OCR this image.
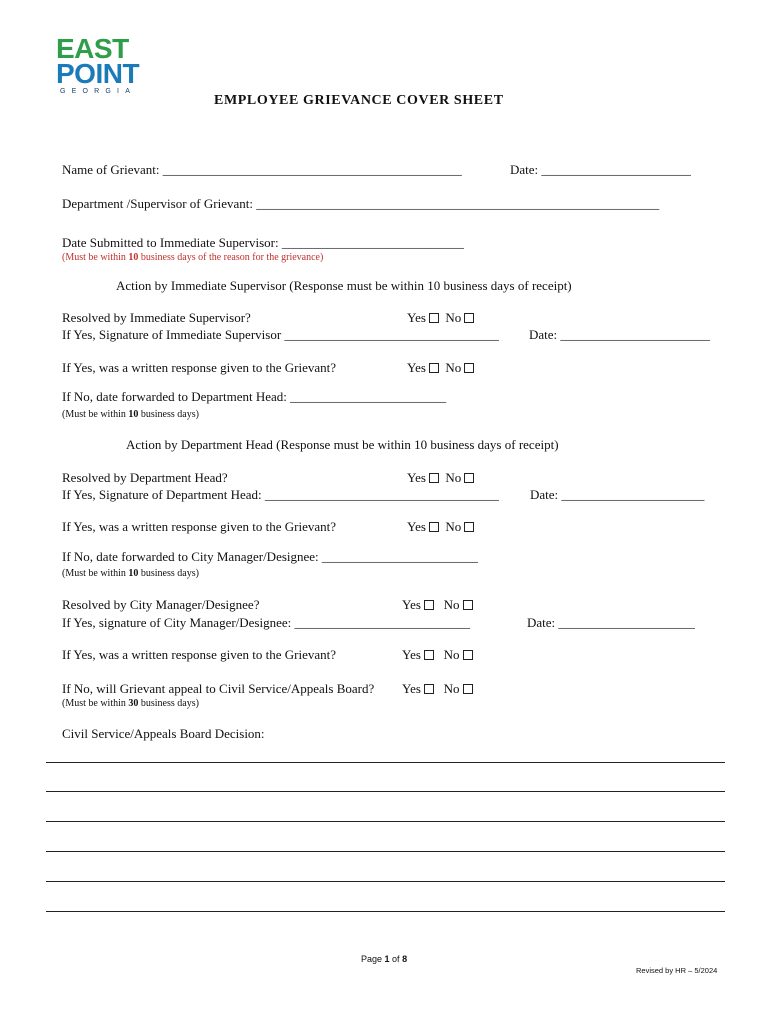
EAST
POINT
GEORGIA
EMPLOYEE GRIEVANCE COVER SHEET
Name of Grievant: ______________________________________________	Date: _______________________
Department /Supervisor of Grievant: ______________________________________________________________
Date Submitted to Immediate Supervisor: ____________________________
(Must be within 10 business days of the reason for the grievance)
Action by Immediate Supervisor (Response must be within 10 business days of receipt)
Resolved by Immediate Supervisor?	Yes No
If Yes, Signature of Immediate Supervisor _________________________________ Date: _______________________
If Yes, was a written response given to the Grievant?	Yes No
If No, date forwarded to Department Head: ________________________
(Must be within 10 business days)
Action by Department Head (Response must be within 10 business days of receipt)
Resolved by Department Head?	Yes No
If Yes, Signature of Department Head: ____________________________________ Date: ______________________
If Yes, was a written response given to the Grievant?	Yes No
If No, date forwarded to City Manager/Designee: ________________________
(Must be within 10 business days)
Resolved by City Manager/Designee?	Yes No
If Yes, signature of City Manager/Designee: ___________________________	Date: _____________________
If Yes, was a written response given to the Grievant?	Yes No
If No, will Grievant appeal to Civil Service/Appeals Board? Yes No
(Must be within 30 business days)
Civil Service/Appeals Board Decision:
Page 1 of 8
Revised by HR – 5/2024
